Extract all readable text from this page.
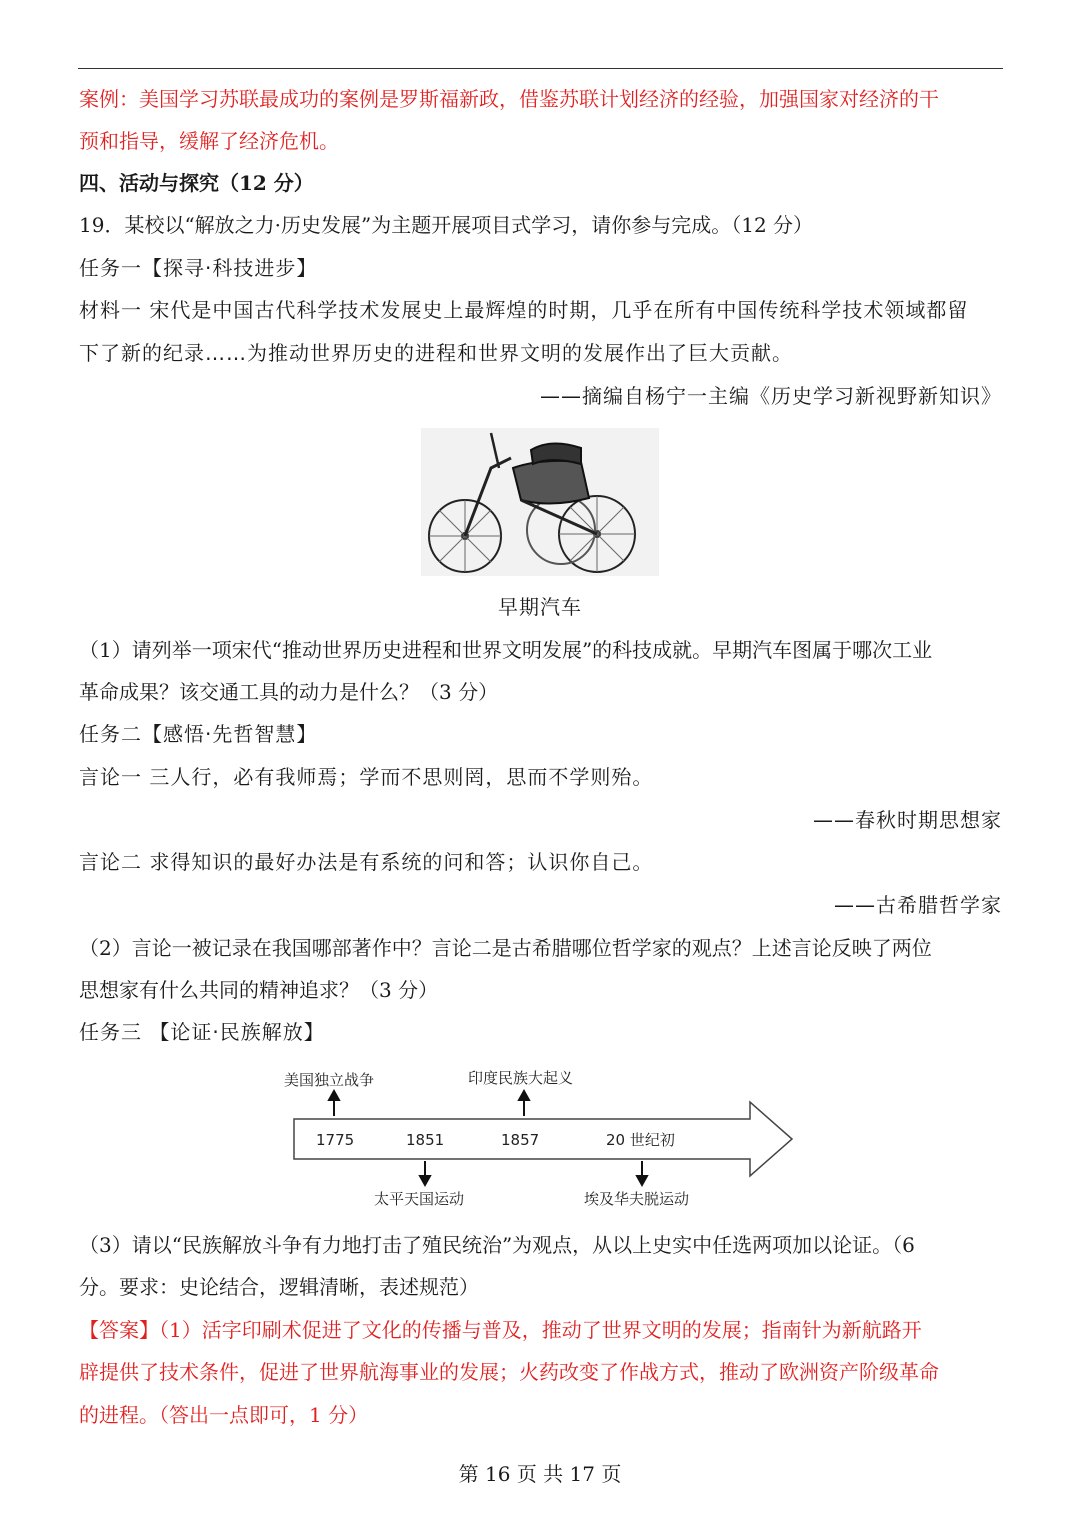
案例：美国学习苏联最成功的案例是罗斯福新政，借鉴苏联计划经济的经验，加强国家对经济的干
预和指导，缓解了经济危机。
四、活动与探究（12 分）
19．某校以“解放之力·历史发展”为主题开展项目式学习，请你参与完成。（12 分）
任务一【探寻·科技进步】
材料一 宋代是中国古代科学技术发展史上最辉煌的时期，几乎在所有中国传统科学技术领域都留
下了新的纪录……为推动世界历史的进程和世界文明的发展作出了巨大贡献。
——摘编自杨宁一主编《历史学习新视野新知识》
早期汽车
（1）请列举一项宋代“推动世界历史进程和世界文明发展”的科技成就。早期汽车图属于哪次工业
革命成果？该交通工具的动力是什么？（3 分）
任务二【感悟·先哲智慧】
言论一 三人行，必有我师焉；学而不思则罔，思而不学则殆。
——春秋时期思想家
言论二 求得知识的最好办法是有系统的问和答；认识你自己。
——古希腊哲学家
（2）言论一被记录在我国哪部著作中？言论二是古希腊哪位哲学家的观点？上述言论反映了两位
思想家有什么共同的精神追求？（3 分）
任务三 【论证·民族解放】
美国独立战争	印度民族大起义
1775	1851	1857	20 世纪初
太平天国运动	埃及华夫脱运动
（3）请以“民族解放斗争有力地打击了殖民统治”为观点，从以上史实中任选两项加以论证。（6
分。要求：史论结合，逻辑清晰，表述规范）
【答案】（1）活字印刷术促进了文化的传播与普及，推动了世界文明的发展；指南针为新航路开
辟提供了技术条件，促进了世界航海事业的发展；火药改变了作战方式，推动了欧洲资产阶级革命
的进程。（答出一点即可，1 分）
第 16 页 共 17 页
